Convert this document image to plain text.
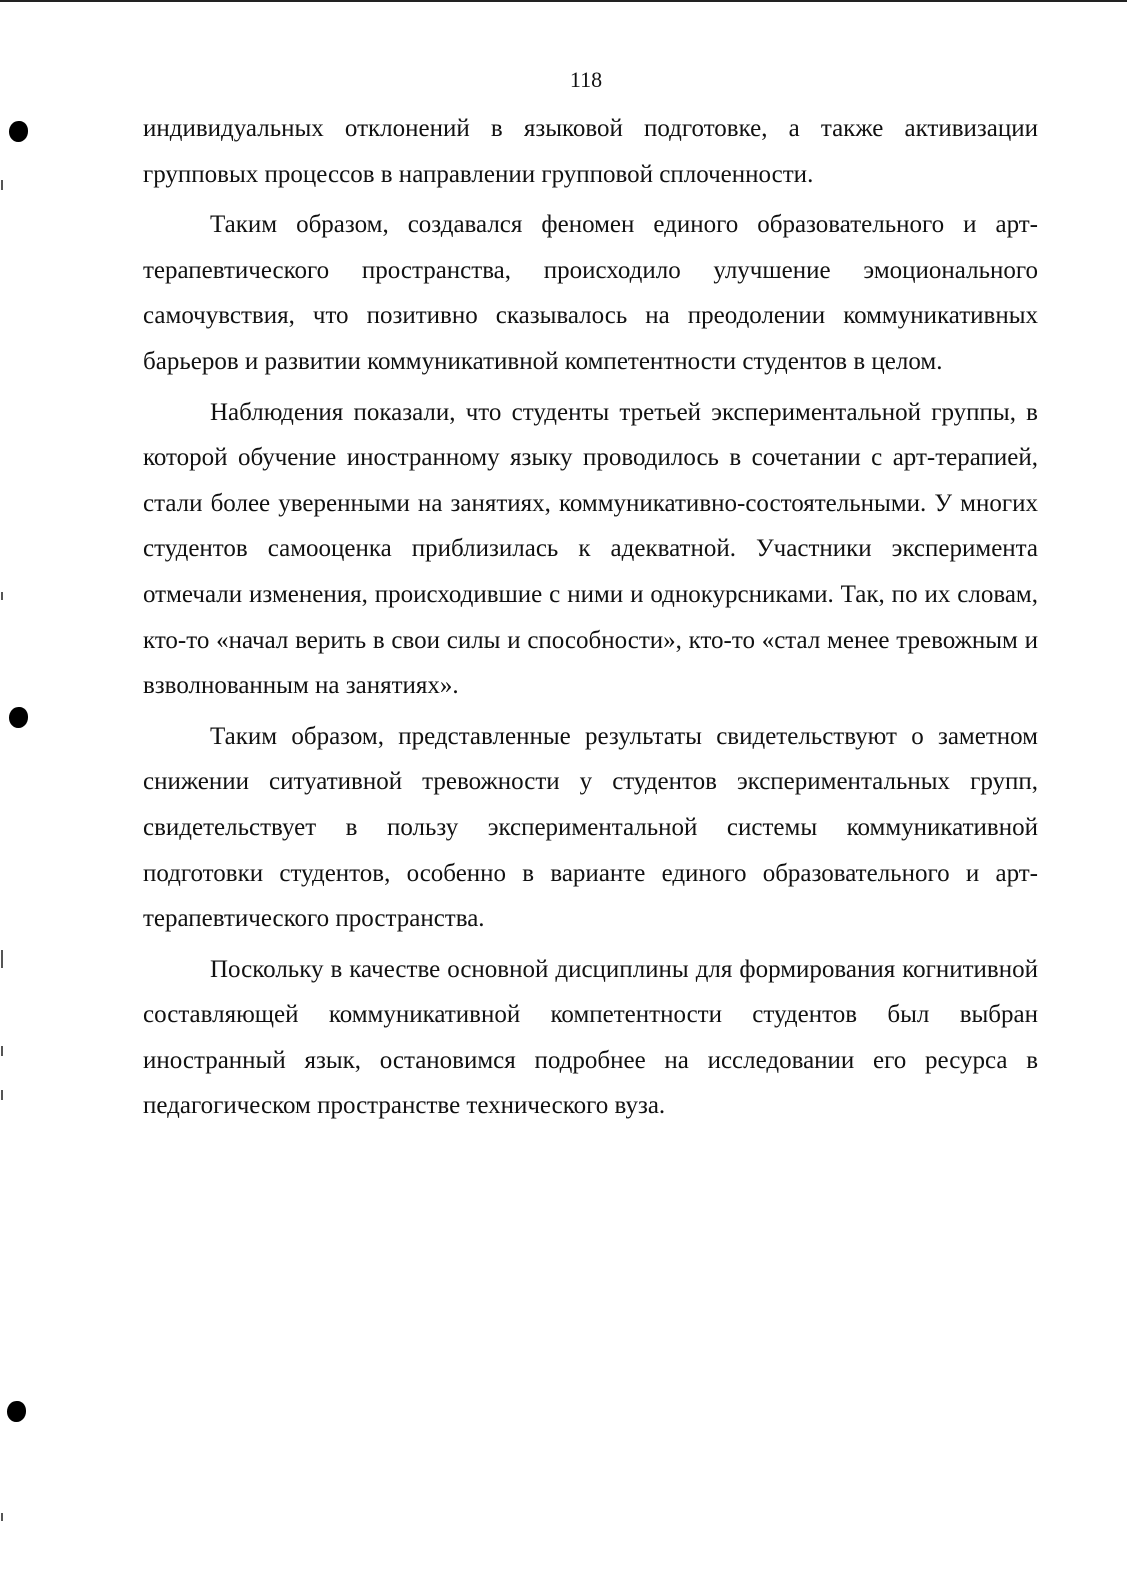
118

индивидуальных отклонений в языковой подготовке, а также активизации групповых процессов в направлении групповой сплоченности.

Таким образом, создавался феномен единого образовательного и арт-терапевтического пространства, происходило улучшение эмоционального самочувствия, что позитивно сказывалось на преодолении коммуникативных барьеров и развитии коммуникативной компетентности студентов в целом.

Наблюдения показали, что студенты третьей экспериментальной группы, в которой обучение иностранному языку проводилось в сочетании с арт-терапией, стали более уверенными на занятиях, коммуникативно-состоятельными. У многих студентов самооценка приблизилась к адекватной. Участники эксперимента отмечали изменения, происходившие с ними и однокурсниками. Так, по их словам, кто-то «начал верить в свои силы и способности», кто-то «стал менее тревожным и взволнованным на занятиях».

Таким образом, представленные результаты свидетельствуют о заметном снижении ситуативной тревожности у студентов экспериментальных групп, свидетельствует в пользу экспериментальной системы коммуникативной подготовки студентов, особенно в варианте единого образовательного и арт-терапевтического пространства.

Поскольку в качестве основной дисциплины для формирования когнитивной составляющей коммуникативной компетентности студентов был выбран иностранный язык, остановимся подробнее на исследовании его ресурса в педагогическом пространстве технического вуза.
